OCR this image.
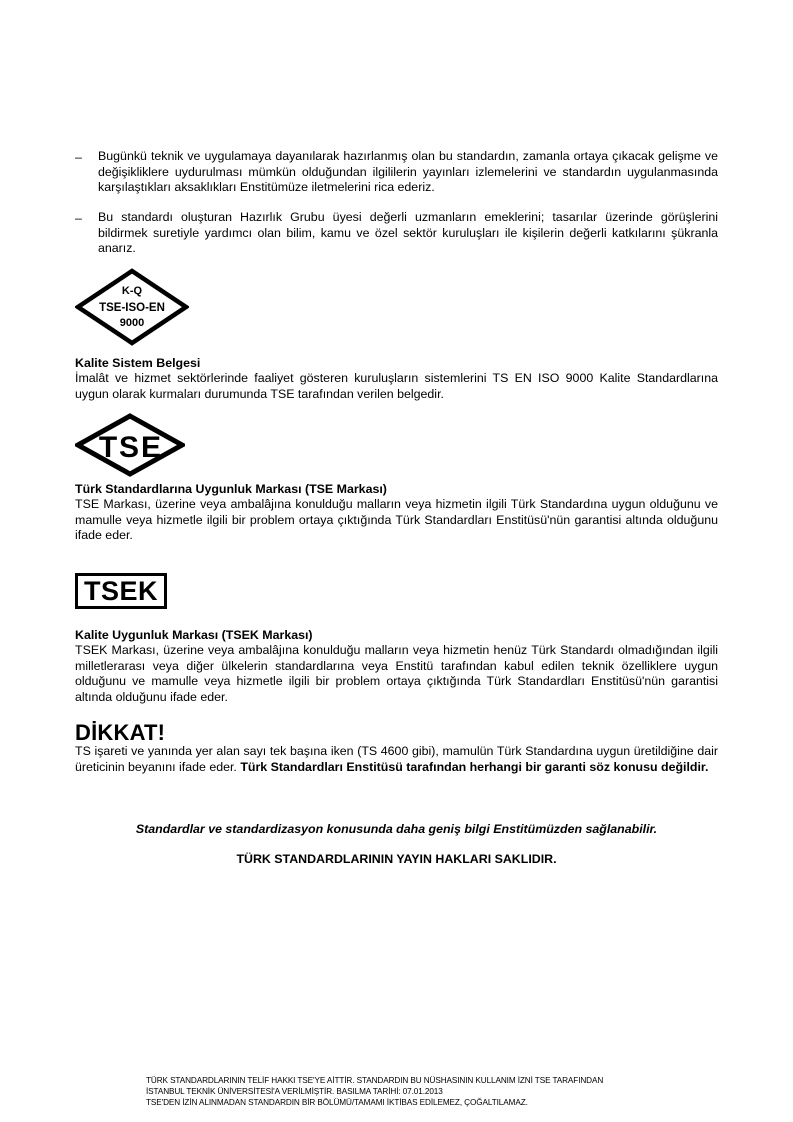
– Bugünkü teknik ve uygulamaya dayanılarak hazırlanmış olan bu standardın, zamanla ortaya çıkacak gelişme ve değişikliklere uydurulması mümkün olduğundan ilgililerin yayınları izlemelerini ve standardın uygulanmasında karşılaştıkları aksaklıkları Enstitümüze iletmelerini rica ederiz.
– Bu standardı oluşturan Hazırlık Grubu üyesi değerli uzmanların emeklerini; tasarılar üzerinde görüşlerini bildirmek suretiyle yardımcı olan bilim, kamu ve özel sektör kuruluşları ile kişilerin değerli katkılarını şükranla anarız.
K-Q
TSE-ISO-EN
9000
Kalite Sistem Belgesi
İmalât ve hizmet sektörlerinde faaliyet gösteren kuruluşların sistemlerini TS EN ISO 9000 Kalite Standardlarına uygun olarak kurmaları durumunda TSE tarafından verilen belgedir.
T S E
Türk Standardlarına Uygunluk Markası (TSE Markası)
TSE Markası, üzerine veya ambalâjına konulduğu malların veya hizmetin ilgili Türk Standardına uygun olduğunu ve mamulle veya hizmetle ilgili bir problem ortaya çıktığında Türk Standardları Enstitüsü'nün garantisi altında olduğunu ifade eder.
TSEK
Kalite Uygunluk Markası (TSEK Markası)
TSEK Markası, üzerine veya ambalâjına konulduğu malların veya hizmetin henüz Türk Standardı olmadığından ilgili milletlerarası veya diğer ülkelerin standardlarına veya Enstitü tarafından kabul edilen teknik özelliklere uygun olduğunu ve mamulle veya hizmetle ilgili bir problem ortaya çıktığında Türk Standardları Enstitüsü'nün garantisi altında olduğunu ifade eder.
DİKKAT!
TS işareti ve yanında yer alan sayı tek başına iken (TS 4600 gibi), mamulün Türk Standardına uygun üretildiğine dair üreticinin beyanını ifade eder. Türk Standardları Enstitüsü tarafından herhangi bir garanti söz konusu değildir.
Standardlar ve standardizasyon konusunda daha geniş bilgi Enstitümüzden sağlanabilir.
TÜRK STANDARDLARININ YAYIN HAKLARI SAKLIDIR.
TÜRK STANDARDLARININ TELİF HAKKI TSE'YE AİTTİR. STANDARDIN BU NÜSHASININ KULLANIM İZNİ TSE TARAFINDAN
İSTANBUL TEKNİK ÜNİVERSİTESİ'A VERİLMİŞTİR. BASILMA TARİHİ: 07.01.2013
TSE'DEN İZİN ALINMADAN STANDARDIN BİR BÖLÜMÜ/TAMAMI İKTİBAS EDİLEMEZ, ÇOĞALTILAMAZ.
